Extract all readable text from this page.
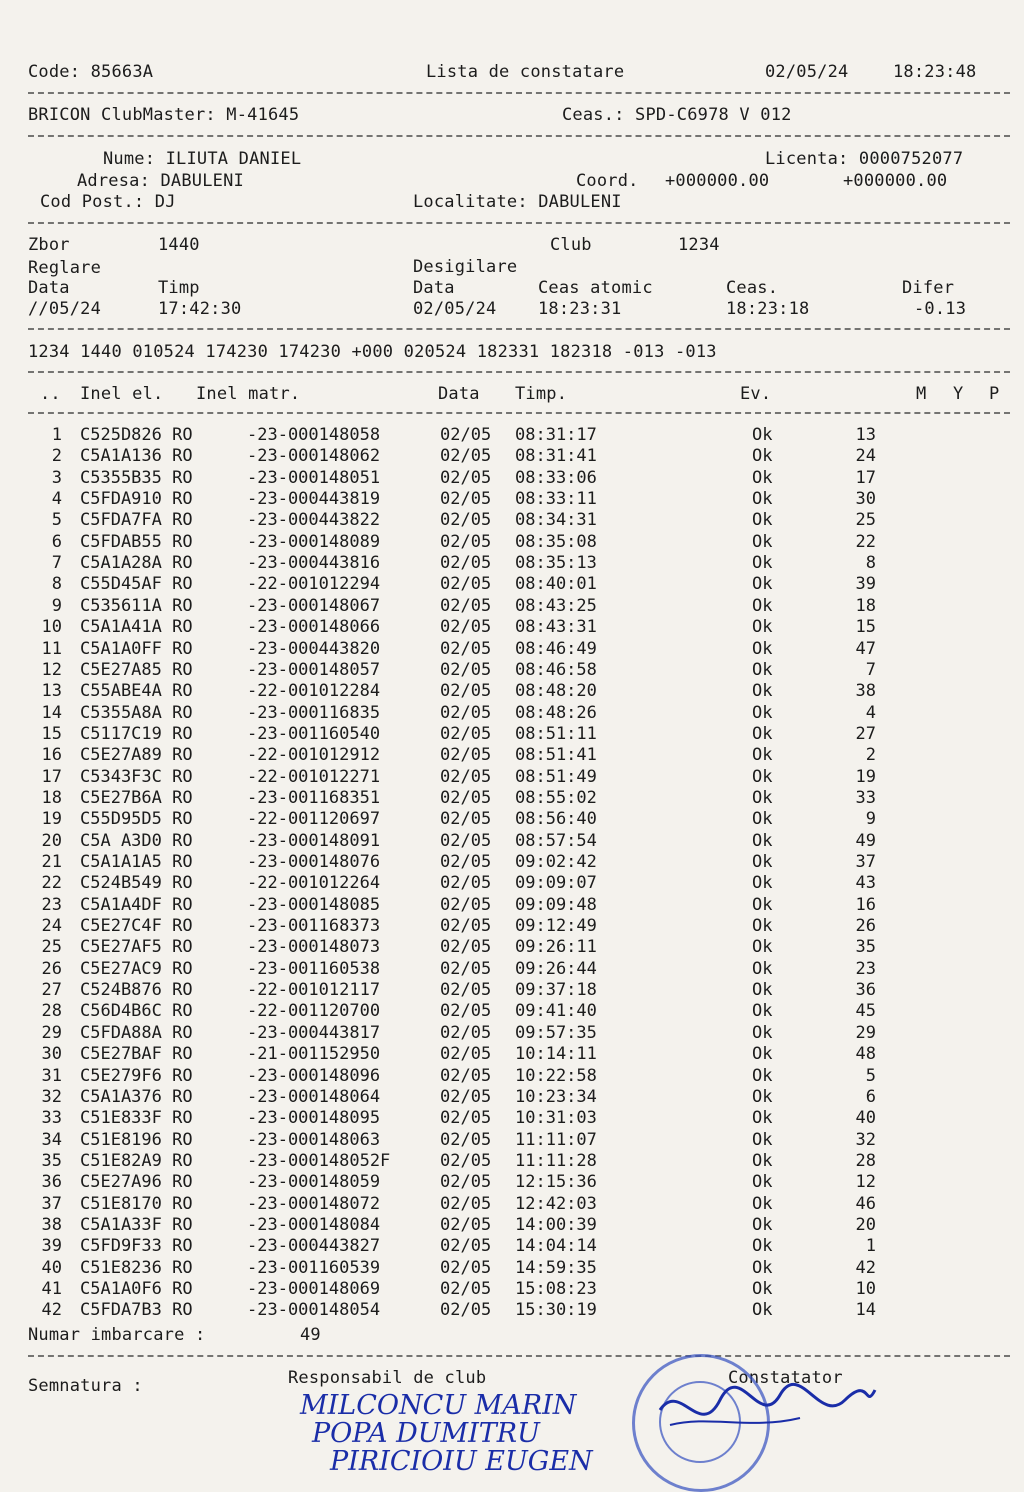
Code: 85663A	Lista de constatare	02/05/24	18:23:48
BRICON ClubMaster: M-41645	Ceas.: SPD-C6978 V 012
Nume: ILIUTA DANIEL	Licenta: 0000752077
Adresa: DABULENI	Coord. +000000.00	+000000.00
Cod Post.: DJ	Localitate: DABULENI
Zbor	1440	Club	1234
Reglare	Desigilare
Data	Timp	Data	Ceas atomic	Ceas.	Difer
//05/24	17:42:30	02/05/24 18:23:31	18:23:18	-0.13
1234 1440 010524 174230 174230 +000 020524 182331 182318 -013 -013
.. Inel el. Inel matr.	Data Timp.	Ev.	M Y P
1 C525D826 RO	-23-000148058	02/05	08:31:17	Ok	13
2 C5A1A136 RO	-23-000148062	02/05	08:31:41	Ok	24
3 C5355B35 RO	-23-000148051	02/05	08:33:06	Ok	17
4 C5FDA910 RO	-23-000443819	02/05	08:33:11	Ok	30
5 C5FDA7FA RO	-23-000443822	02/05	08:34:31	Ok	25
6 C5FDAB55 RO	-23-000148089	02/05	08:35:08	Ok	22
7 C5A1A28A RO	-23-000443816	02/05	08:35:13	Ok	8
8 C55D45AF RO	-22-001012294	02/05	08:40:01	Ok	39
9 C535611A RO	-23-000148067	02/05	08:43:25	Ok	18
10 C5A1A41A RO	-23-000148066	02/05	08:43:31	Ok	15
11 C5A1A0FF RO	-23-000443820	02/05	08:46:49	Ok	47
12 C5E27A85 RO	-23-000148057	02/05	08:46:58	Ok	7
13 C55ABE4A RO	-22-001012284	02/05	08:48:20	Ok	38
14 C5355A8A RO	-23-000116835	02/05	08:48:26	Ok	4
15 C5117C19 RO	-23-001160540	02/05	08:51:11	Ok	27
16 C5E27A89 RO	-22-001012912	02/05	08:51:41	Ok	2
17 C5343F3C RO	-22-001012271	02/05	08:51:49	Ok	19
18 C5E27B6A RO	-23-001168351	02/05	08:55:02	Ok	33
19 C55D95D5 RO	-22-001120697	02/05	08:56:40	Ok	9
20 C5A A3D0 RO	-23-000148091	02/05	08:57:54	Ok	49
21 C5A1A1A5 RO	-23-000148076	02/05	09:02:42	Ok	37
22 C524B549 RO	-22-001012264	02/05	09:09:07	Ok	43
23 C5A1A4DF RO	-23-000148085	02/05	09:09:48	Ok	16
24 C5E27C4F RO	-23-001168373	02/05	09:12:49	Ok	26
25 C5E27AF5 RO	-23-000148073	02/05	09:26:11	Ok	35
26 C5E27AC9 RO	-23-001160538	02/05	09:26:44	Ok	23
27 C524B876 RO	-22-001012117	02/05	09:37:18	Ok	36
28 C56D4B6C RO	-22-001120700	02/05	09:41:40	Ok	45
29 C5FDA88A RO	-23-000443817	02/05	09:57:35	Ok	29
30 C5E27BAF RO	-21-001152950	02/05	10:14:11	Ok	48
31 C5E279F6 RO	-23-000148096	02/05	10:22:58	Ok	5
32 C5A1A376 RO	-23-000148064	02/05	10:23:34	Ok	6
33 C51E833F RO	-23-000148095	02/05	10:31:03	Ok	40
34 C51E8196 RO	-23-000148063	02/05	11:11:07	Ok	32
35 C51E82A9 RO	-23-000148052F	02/05	11:11:28	Ok	28
36 C5E27A96 RO	-23-000148059	02/05	12:15:36	Ok	12
37 C51E8170 RO	-23-000148072	02/05	12:42:03	Ok	46
38 C5A1A33F RO	-23-000148084	02/05	14:00:39	Ok	20
39 C5FD9F33 RO	-23-000443827	02/05	14:04:14	Ok	1
40 C51E8236 RO	-23-001160539	02/05	14:59:35	Ok	42
41 C5A1A0F6 RO	-23-000148069	02/05	15:08:23	Ok	10
42 C5FDA7B3 RO	-23-000148054	02/05	15:30:19	Ok	14
Numar imbarcare :	49
Semnatura :	Responsabil de club	Constatator
MILCONCU MARIN
POPA DUMITRU
PIRICIOIU EUGEN
